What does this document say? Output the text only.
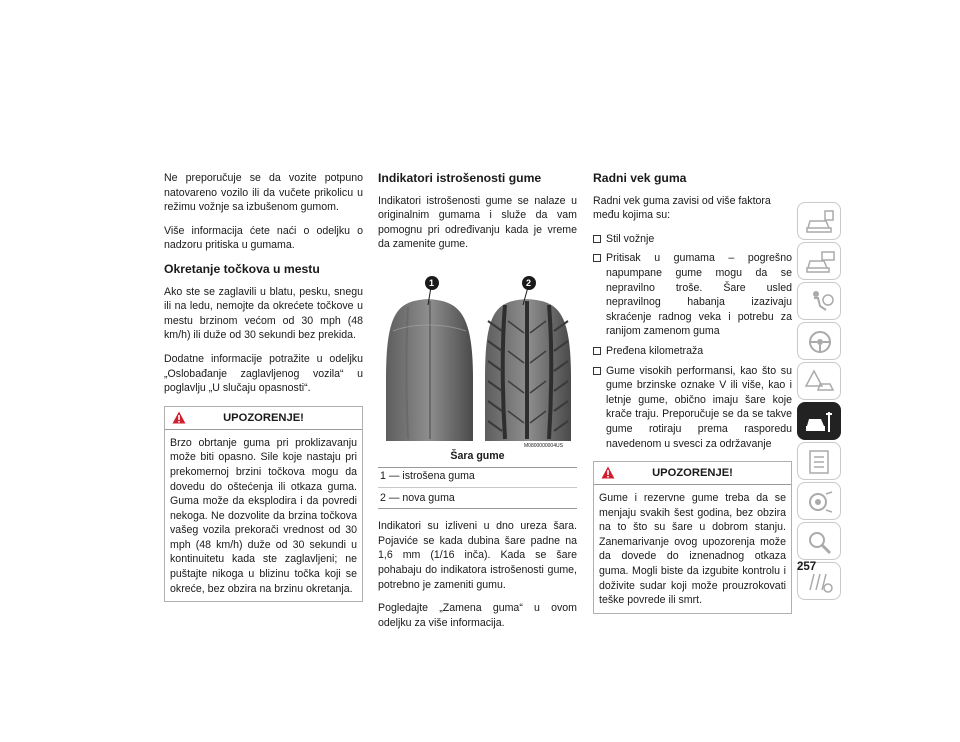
Ne preporučuje se da vozite potpuno natovareno vozilo ili da vučete prikolicu u režimu vožnje sa izbušenom gumom.

Više informacija ćete naći o odeljku o nadzoru pritiska u gumama.

Okretanje točkova u mestu

Ako ste se zaglavili u blatu, pesku, snegu ili na ledu, nemojte da okrećete točkove u mestu brzinom većom od 30 mph (48 km/h) ili duže od 30 sekundi bez prekida.

Dodatne informacije potražite u odeljku „Oslobađanje zaglavljenog vozila“ u poglavlju „U slučaju opasnosti“.

UPOZORENJE!
Brzo obrtanje guma pri proklizavanju može biti opasno. Sile koje nastaju pri prekomernoj brzini točkova mogu da dovedu do oštećenja ili otkaza guma. Guma može da eksplodira i da povredi nekoga. Ne dozvolite da brzina točkova vašeg vozila prekorači vrednost od 30 mph (48 km/h) duže od 30 sekundi u kontinuitetu kada ste zaglavljeni; ne puštajte nikoga u blizinu točka koji se okreće, bez obzira na brzinu okretanja.
Indikatori istrošenosti gume

Indikatori istrošenosti gume se nalaze u originalnim gumama i služe da vam pomognu pri određivanju kada je vreme da zamenite gume.

1	2
M0800000004US
Šara gume
1 — istrošena guma
2 — nova guma

Indikatori su izliveni u dno ureza šara. Pojaviće se kada dubina šare padne na 1,6 mm (1/16 inča). Kada se šare pohabaju do indikatora istrošenosti gume, potrebno je zameniti gumu.

Pogledajte „Zamena guma“ u ovom odeljku za više informacija.

Radni vek guma

Radni vek guma zavisi od više faktora među kojima su:

Stil vožnje
Pritisak u gumama – pogrešno napumpane gume mogu da se nepravilno troše. Šare usled nepravilnog habanja izazivaju skraćenje radnog veka i potrebu za ranijom zamenom guma
Pređena kilometraža
Gume visokih performansi, kao što su gume brzinske oznake V ili više, kao i letnje gume, obično imaju šare koje krače traju. Preporučuje se da se takve gume rotiraju prema rasporedu navedenom u svesci za održavanje
UPOZORENJE!
Gume i rezervne gume treba da se menjaju svakih šest godina, bez obzira na to što su šare u dobrom stanju. Zanemarivanje ovog upozorenja može da dovede do iznenadnog otkaza guma. Mogli biste da izgubite kontrolu i doživite sudar koji može prouzrokovati teške povrede ili smrt.
257
